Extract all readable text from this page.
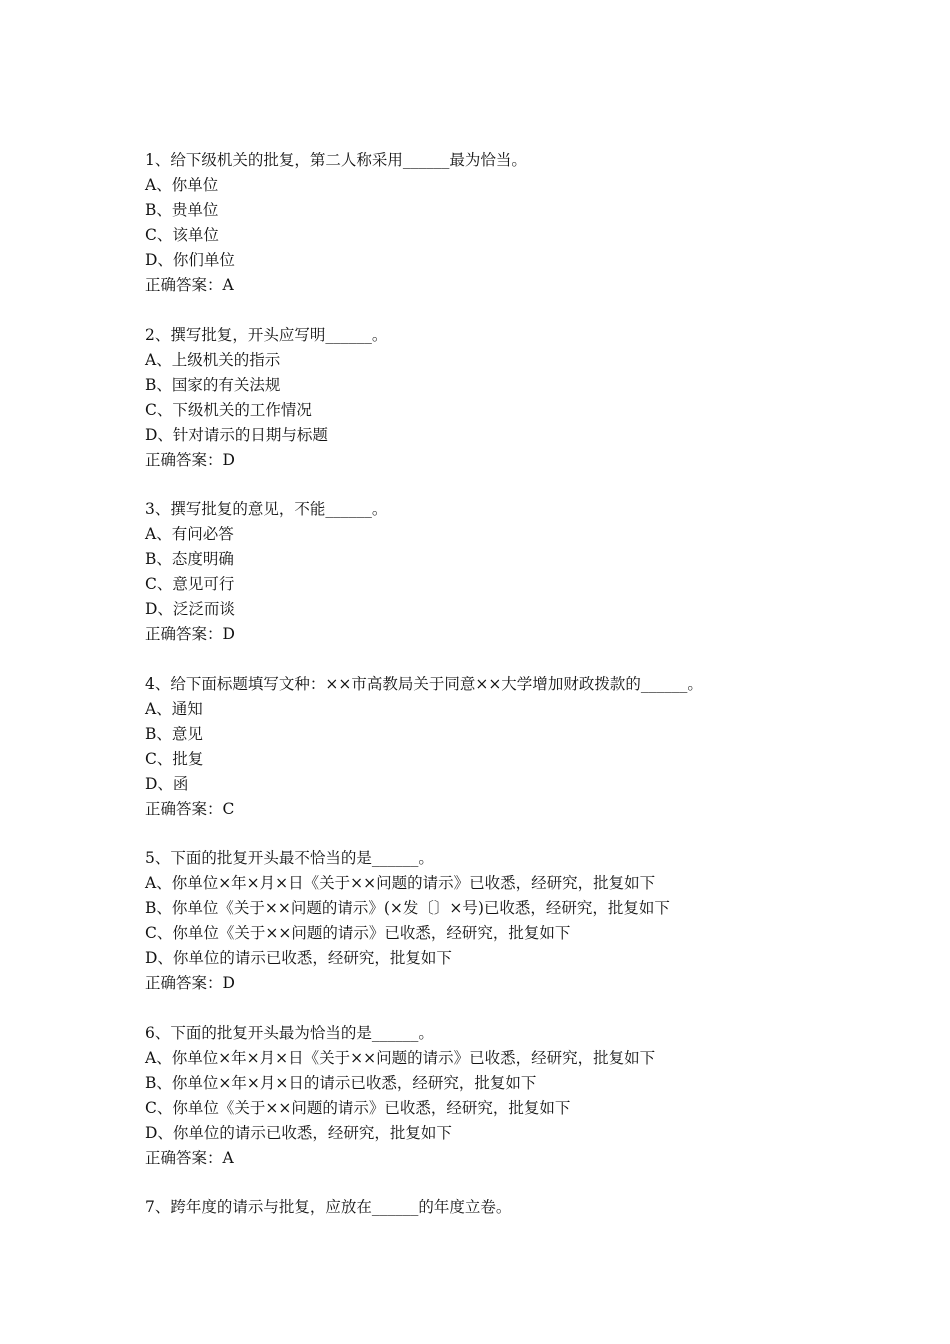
1、给下级机关的批复，第二人称采用______最为恰当。
A、你单位
B、贵单位
C、该单位
D、你们单位
正确答案：A
2、撰写批复，开头应写明______。
A、上级机关的指示
B、国家的有关法规
C、下级机关的工作情况
D、针对请示的日期与标题
正确答案：D
3、撰写批复的意见，不能______。
A、有问必答
B、态度明确
C、意见可行
D、泛泛而谈
正确答案：D
4、给下面标题填写文种：××市高教局关于同意××大学增加财政拨款的______。
A、通知
B、意见
C、批复
D、函
正确答案：C
5、下面的批复开头最不恰当的是______。
A、你单位×年×月×日《关于××问题的请示》已收悉，经研究，批复如下
B、你单位《关于××问题的请示》(×发〔〕×号)已收悉，经研究，批复如下
C、你单位《关于××问题的请示》已收悉，经研究，批复如下
D、你单位的请示已收悉，经研究，批复如下
正确答案：D
6、下面的批复开头最为恰当的是______。
A、你单位×年×月×日《关于××问题的请示》已收悉，经研究，批复如下
B、你单位×年×月×日的请示已收悉，经研究，批复如下
C、你单位《关于××问题的请示》已收悉，经研究，批复如下
D、你单位的请示已收悉，经研究，批复如下
正确答案：A
7、跨年度的请示与批复，应放在______的年度立卷。
